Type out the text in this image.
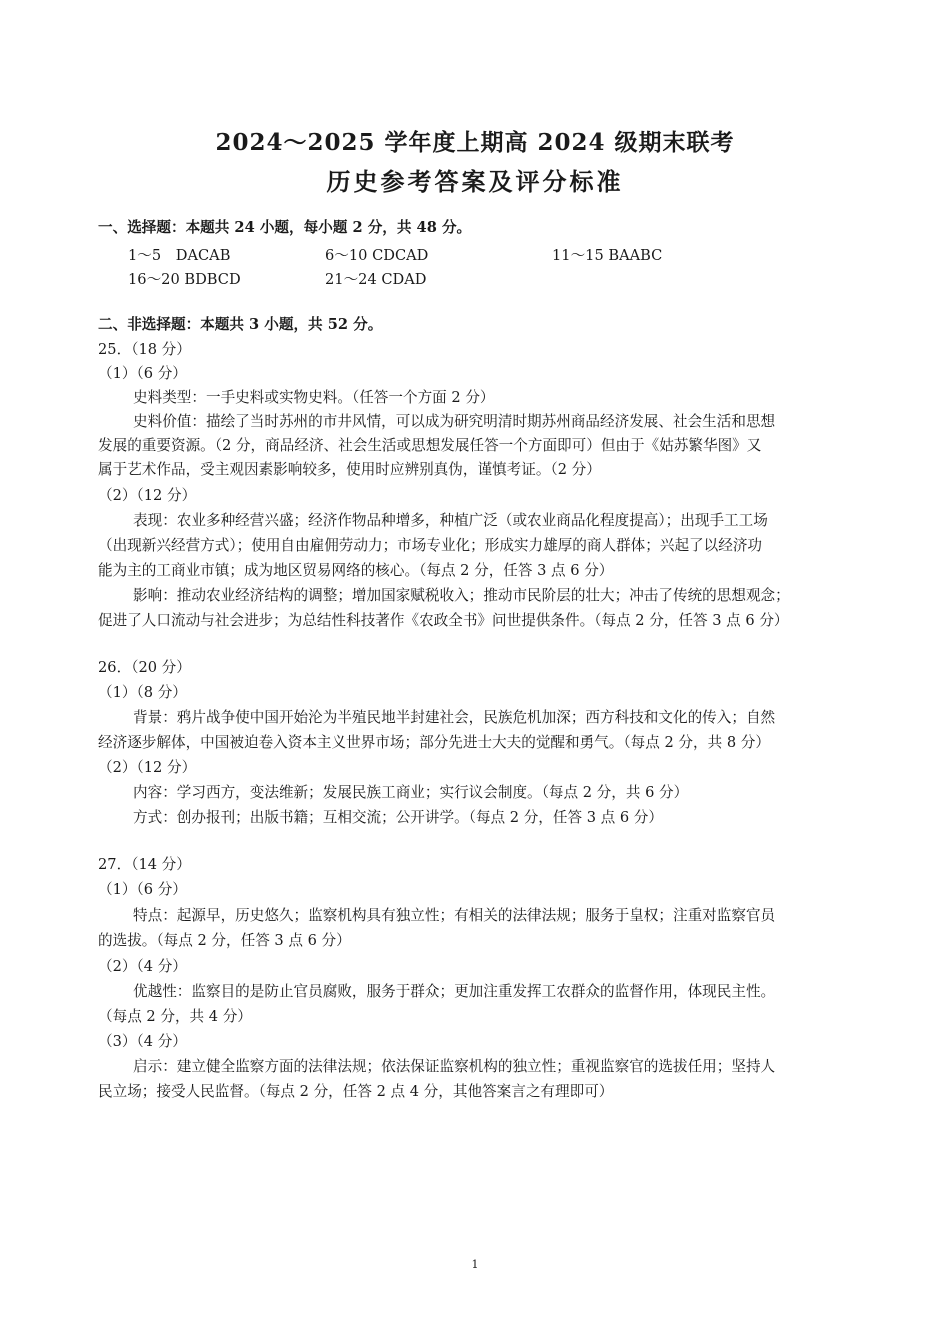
2024～2025 学年度上期高 2024 级期末联考
历史参考答案及评分标准
一、选择题：本题共 24 小题，每小题 2 分，共 48 分。
1～5　DACAB	6～10 CDCAD	11～15 BAABC
16～20 BDBCD	21～24 CDAD
二、非选择题：本题共 3 小题，共 52 分。
25．（18 分）
（1）（6 分）
史料类型：一手史料或实物史料。（任答一个方面 2 分）
史料价值：描绘了当时苏州的市井风情，可以成为研究明清时期苏州商品经济发展、社会生活和思想
发展的重要资源。（2 分，商品经济、社会生活或思想发展任答一个方面即可）但由于《姑苏繁华图》又
属于艺术作品，受主观因素影响较多，使用时应辨别真伪，谨慎考证。（2 分）
（2）（12 分）
表现：农业多种经营兴盛；经济作物品种增多，种植广泛（或农业商品化程度提高）；出现手工工场
（出现新兴经营方式）；使用自由雇佣劳动力；市场专业化；形成实力雄厚的商人群体；兴起了以经济功
能为主的工商业市镇；成为地区贸易网络的核心。（每点 2 分，任答 3 点 6 分）
影响：推动农业经济结构的调整；增加国家赋税收入；推动市民阶层的壮大；冲击了传统的思想观念；
促进了人口流动与社会进步；为总结性科技著作《农政全书》问世提供条件。（每点 2 分，任答 3 点 6 分）
26．（20 分）
（1）（8 分）
背景：鸦片战争使中国开始沦为半殖民地半封建社会，民族危机加深；西方科技和文化的传入；自然
经济逐步解体，中国被迫卷入资本主义世界市场；部分先进士大夫的觉醒和勇气。（每点 2 分，共 8 分）
（2）（12 分）
内容：学习西方，变法维新；发展民族工商业；实行议会制度。（每点 2 分，共 6 分）
方式：创办报刊；出版书籍；互相交流；公开讲学。（每点 2 分，任答 3 点 6 分）
27．（14 分）
（1）（6 分）
特点：起源早，历史悠久；监察机构具有独立性；有相关的法律法规；服务于皇权；注重对监察官员
的选拔。（每点 2 分，任答 3 点 6 分）
（2）（4 分）
优越性：监察目的是防止官员腐败，服务于群众；更加注重发挥工农群众的监督作用，体现民主性。
（每点 2 分，共 4 分）
（3）（4 分）
启示：建立健全监察方面的法律法规；依法保证监察机构的独立性；重视监察官的选拔任用；坚持人
民立场；接受人民监督。（每点 2 分，任答 2 点 4 分，其他答案言之有理即可）
1
